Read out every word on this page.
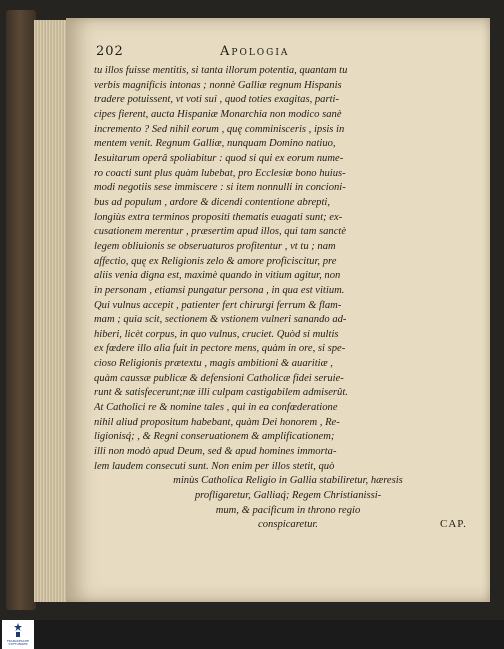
202	Apologia
tu illos fuisse mentitis, si tanta illorum potentia, quantam tu
verbis magnificis intonas ; nonnè Galliæ regnum Hispanis
tradere potuissent, vt voti sui , quod toties exagitas, parti-
cipes fierent, aucta Hispaniæ Monarchia non modico sanè
incremento ? Sed nihil eorum , quę comminisceris , ipsis in
mentem venit. Regnum Galliæ, nunquam Domino natiuo,
Iesuitarum operâ spoliabitur : quod si qui ex eorum nume-
ro coacti sunt plus quàm lubebat, pro Ecclesiæ bono huius-
modi negotiis sese immiscere : si item nonnulli in concioni-
bus ad populum , ardore & dicendi contentione abrepti,
longiùs extra terminos propositi thematis euagati sunt; ex-
cusationem merentur , præsertim apud illos, qui tam sanctè
legem obliuionis se obseruaturos profitentur , vt tu ; nam
affectio, quę ex Religionis zelo & amore proficiscitur, pre
aliis venia digna est, maximè quando in vitium agitur, non
in personam , etiamsi pungatur persona , in qua est vitium.
Qui vulnus accepit , patienter fert chirurgi ferrum & flam-
mam ; quia scit, sectionem & vstionem vulneri sanando ad-
hiberi, licèt corpus, in quo vulnus, cruciet. Quòd si multis
ex fœdere illo alia fuit in pectore mens, quàm in ore, si spe-
cioso Religionis prætextu , magis ambitioni & auaritiæ ,
quàm caussæ publicæ & defensioni Catholicæ fidei seruie-
runt & satisfecerunt;næ illi culpam castigabilem admiserût.
At Catholici re & nomine tales , qui in ea confœderatione
nihil aliud propositum habebant, quàm Dei honorem , Re-
ligionisq́; , & Regni conseruationem & amplificationem;
illi non modò apud Deum, sed & apud homines immorta-
lem laudem consecuti sunt. Non enim per illos stetit, quò
minùs Catholica Religio in Gallia stabiliretur, hæresis
profligaretur, Galliaq́; Regem Christianissi-
mum, & pacificum in throno regio
conspicaretur.	CAP.
FRANCKESCHE STIFTUNGEN
